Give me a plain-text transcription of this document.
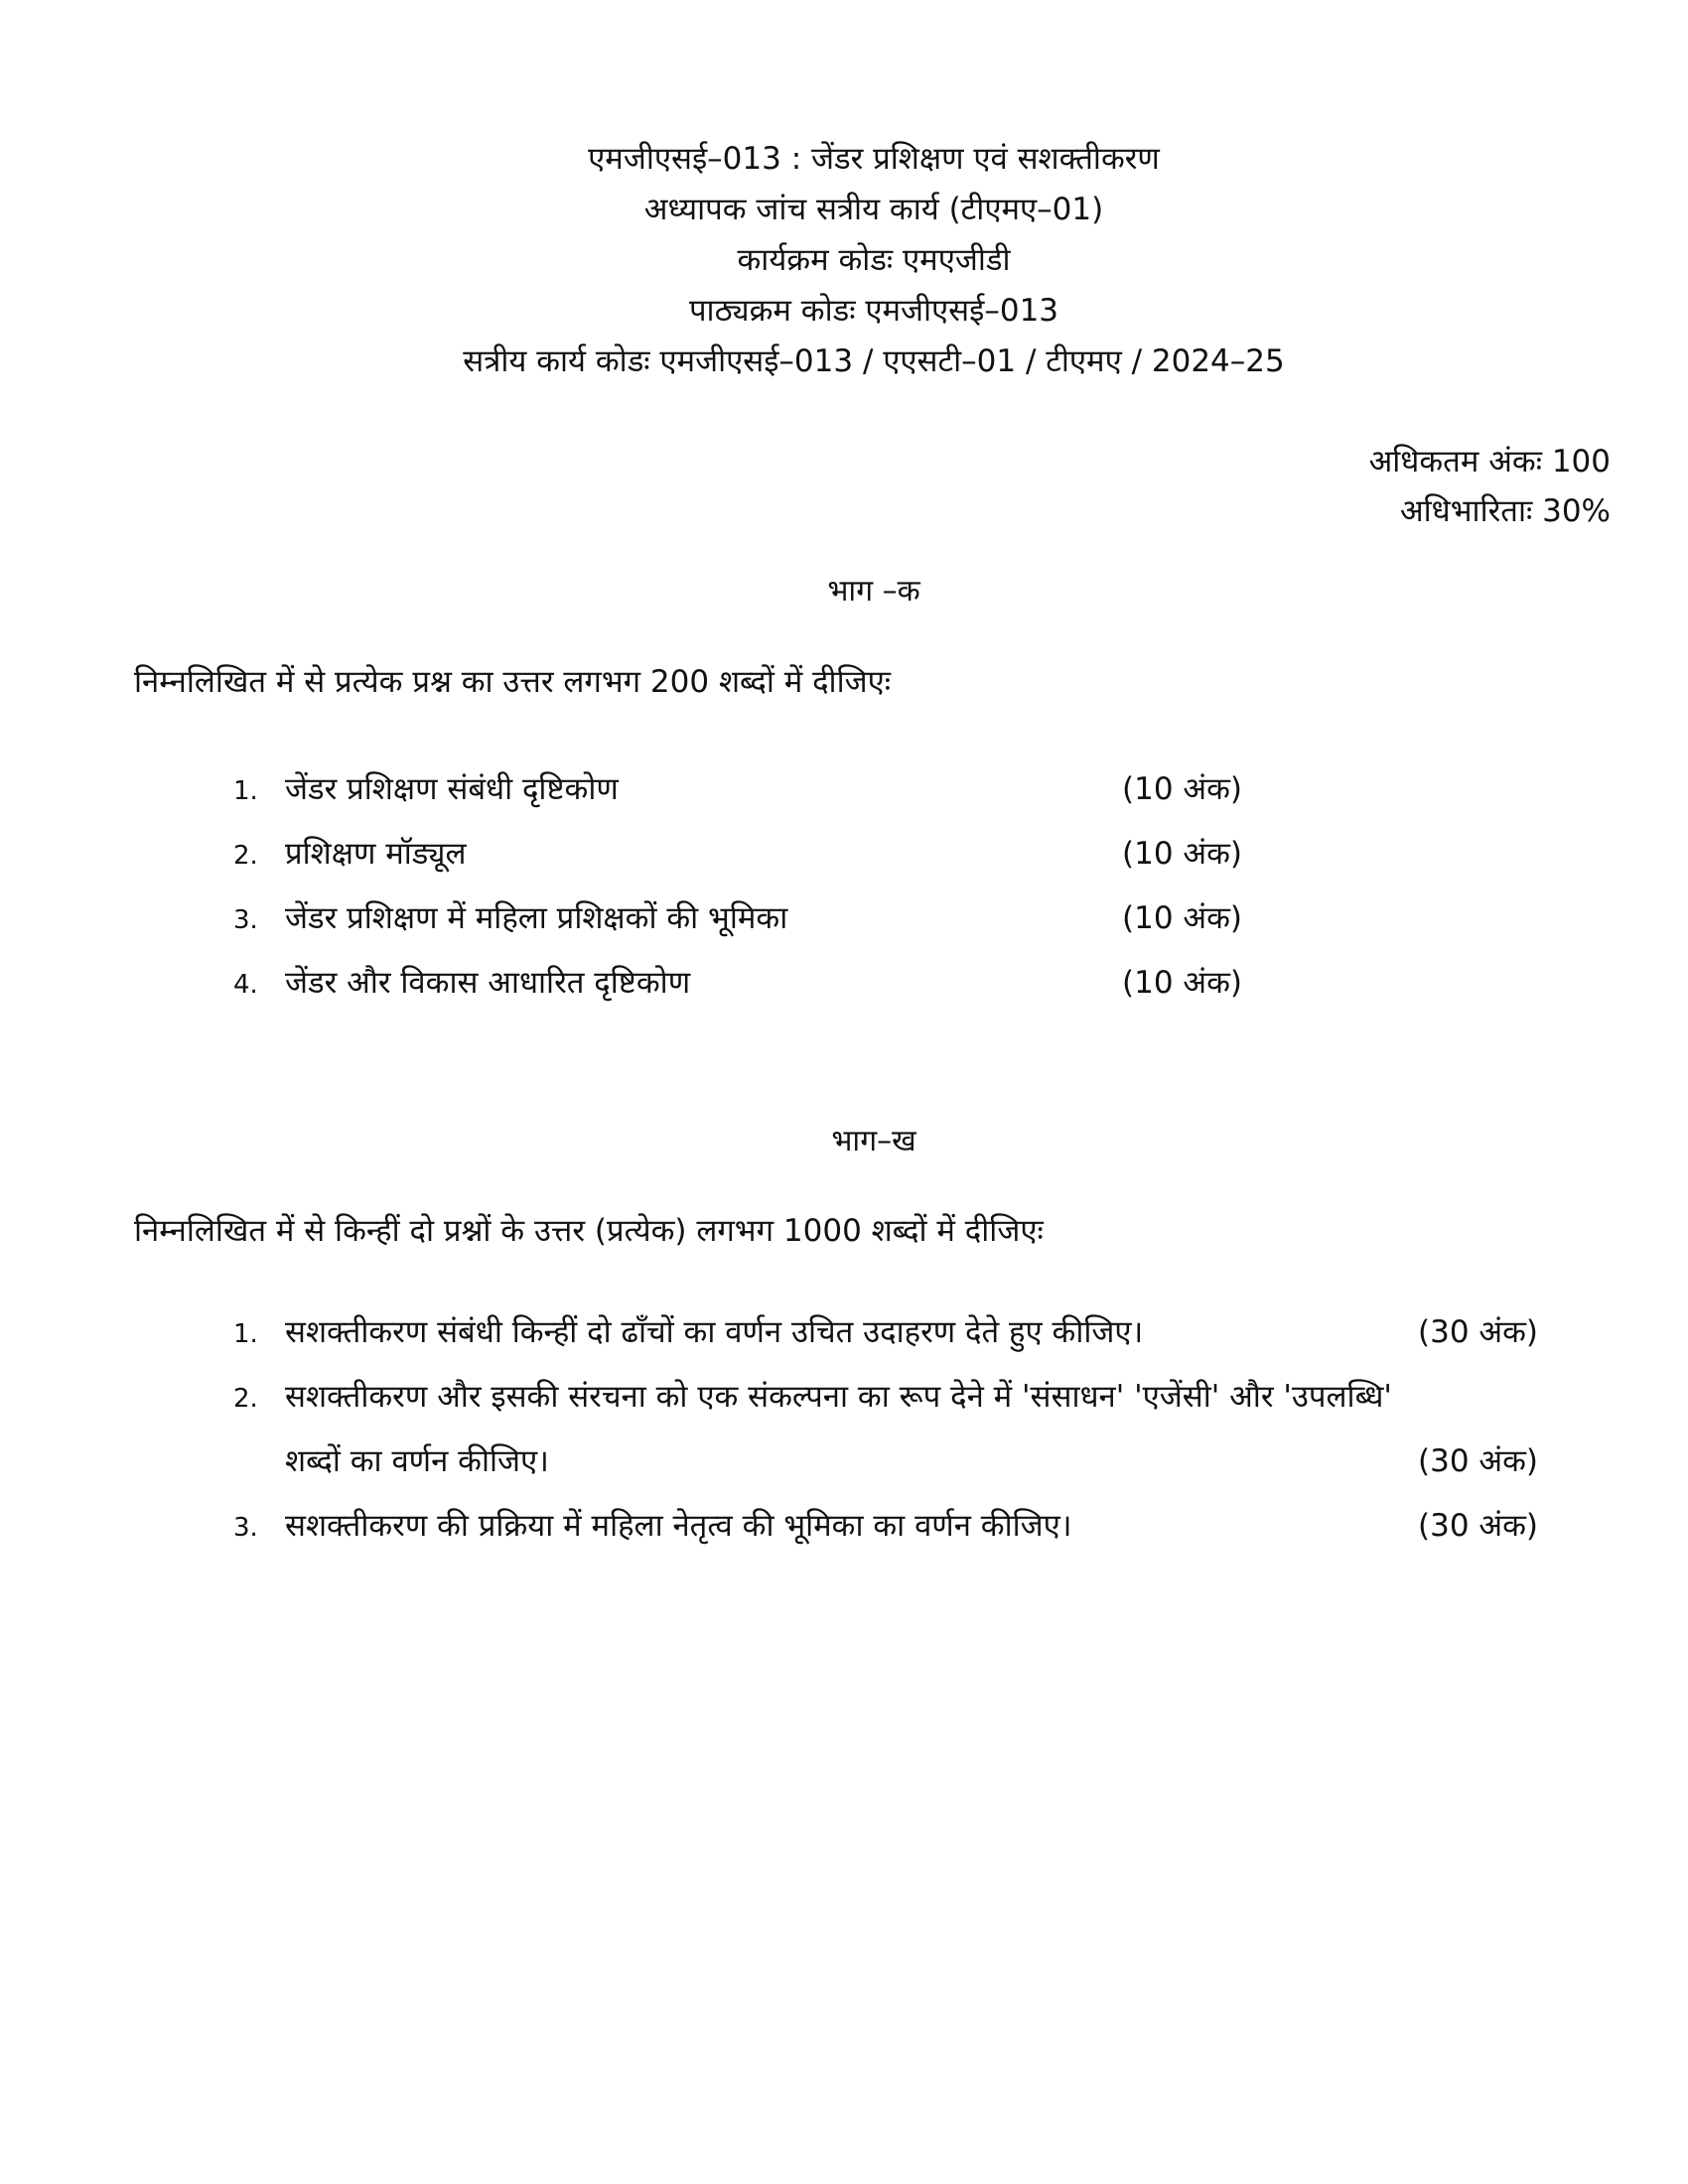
एमजीएसई–013 : जेंडर प्रशिक्षण एवं सशक्तीकरण
अध्यापक जांच सत्रीय कार्य (टीएमए–01)
कार्यक्रम कोडः एमएजीडी
पाठ्यक्रम कोडः एमजीएसई–013
सत्रीय कार्य कोडः एमजीएसई–013 / एएसटी–01 / टीएमए / 2024–25
अधिकतम अंकः 100
अधिभारिताः 30%
भाग –क
निम्नलिखित में से प्रत्येक प्रश्न का उत्तर लगभग 200 शब्दों में दीजिएः
1. जेंडर प्रशिक्षण संबंधी दृष्टिकोण	(10 अंक)
2. प्रशिक्षण मॉड्यूल	(10 अंक)
3. जेंडर प्रशिक्षण में महिला प्रशिक्षकों की भूमिका	(10 अंक)
4. जेंडर और विकास आधारित दृष्टिकोण	(10 अंक)
भाग–ख
निम्नलिखित में से किन्हीं दो प्रश्नों के उत्तर (प्रत्येक) लगभग 1000 शब्दों में दीजिएः
1. सशक्तीकरण संबंधी किन्हीं दो ढाँचों का वर्णन उचित उदाहरण देते हुए कीजिए।	(30 अंक)
2. सशक्तीकरण और इसकी संरचना को एक संकल्पना का रूप देने में 'संसाधन' 'एजेंसी' और 'उपलब्धि'
शब्दों का वर्णन कीजिए।	(30 अंक)
3. सशक्तीकरण की प्रक्रिया में महिला नेतृत्व की भूमिका का वर्णन कीजिए।	(30 अंक)
